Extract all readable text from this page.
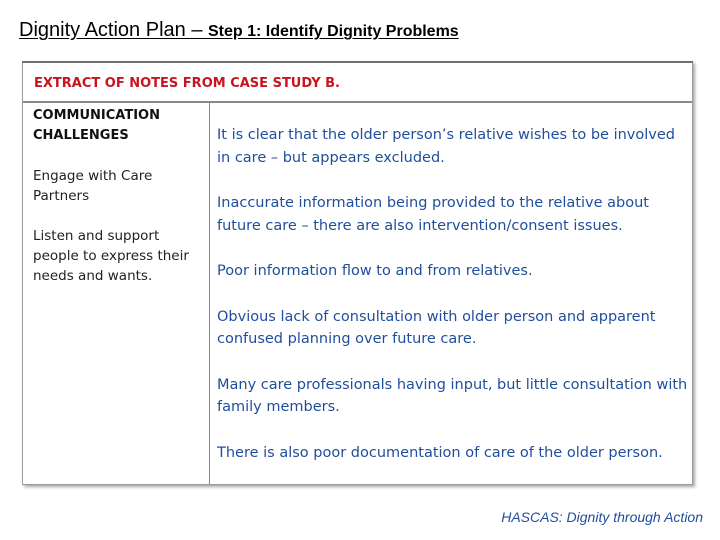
Dignity Action Plan – Step 1: Identify Dignity Problems
EXTRACT OF NOTES FROM CASE STUDY B.
COMMUNICATION
CHALLENGES
Engage with Care Partners
Listen and support people to express their needs and wants.
It is clear that the older person’s relative wishes to be involved in care – but appears excluded.
Inaccurate information being provided to the relative about future care – there are also intervention/consent issues.
Poor information flow to and from relatives.
Obvious lack of consultation with older person and apparent confused planning over future care.
Many care professionals having input, but little consultation with family members.
There is also poor documentation of care of the older person.
HASCAS: Dignity through Action
